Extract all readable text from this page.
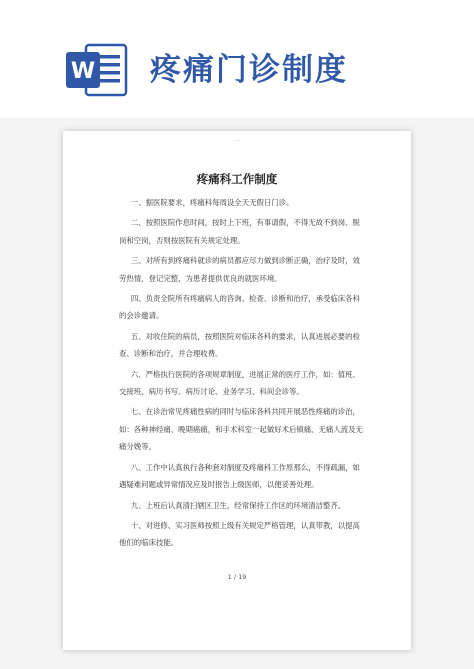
W 疼痛门诊制度
- -
疼痛科工作制度

一、据医院要求，疼痛科每周设全天无假日门诊。

二、按照医院作息时间，按时上下班，有事请假，不得无故不到岗、脱岗和空岗，否则按医院有关规定处理。

三、对所有到疼痛科就诊的病员都应尽力做到诊断正确，治疗及时，效劳热情，登记完整，为患者提供优良的就医环境。

四、负责全院所有疼痛病人的咨询、检查、诊断和治疗，承受临床各科的会诊邀请。

五、对收住院的病员，按照医院对临床各科的要求，认真进展必要的检查、诊断和治疗，并合理收费。

六、严格执行医院的各项规章制度，进展正常的医疗工作，如：值班、交接班、病历书写、病历讨论、业务学习、科间会诊等。

七、在诊治常见疼痛性病的同时与临床各科共同开展恶性疼痛的诊治，如：各种神经痛、晚期癌痛，和手术科室一起做好术后镇痛、无痛人流及无痛分娩等。

八、工作中认真执行各种套对制度及疼痛科工作原那么，不得疏漏，如遇疑难问题或异常情况应及时报告上级医师，以便妥善处理。

九、上班后认真清扫辖区卫生，经常保持工作区的环境清洁整齐。

十、对进修、实习医师按照上级有关规定严格管理，认真带教，以提高他们的临床技能。

1 / 19
